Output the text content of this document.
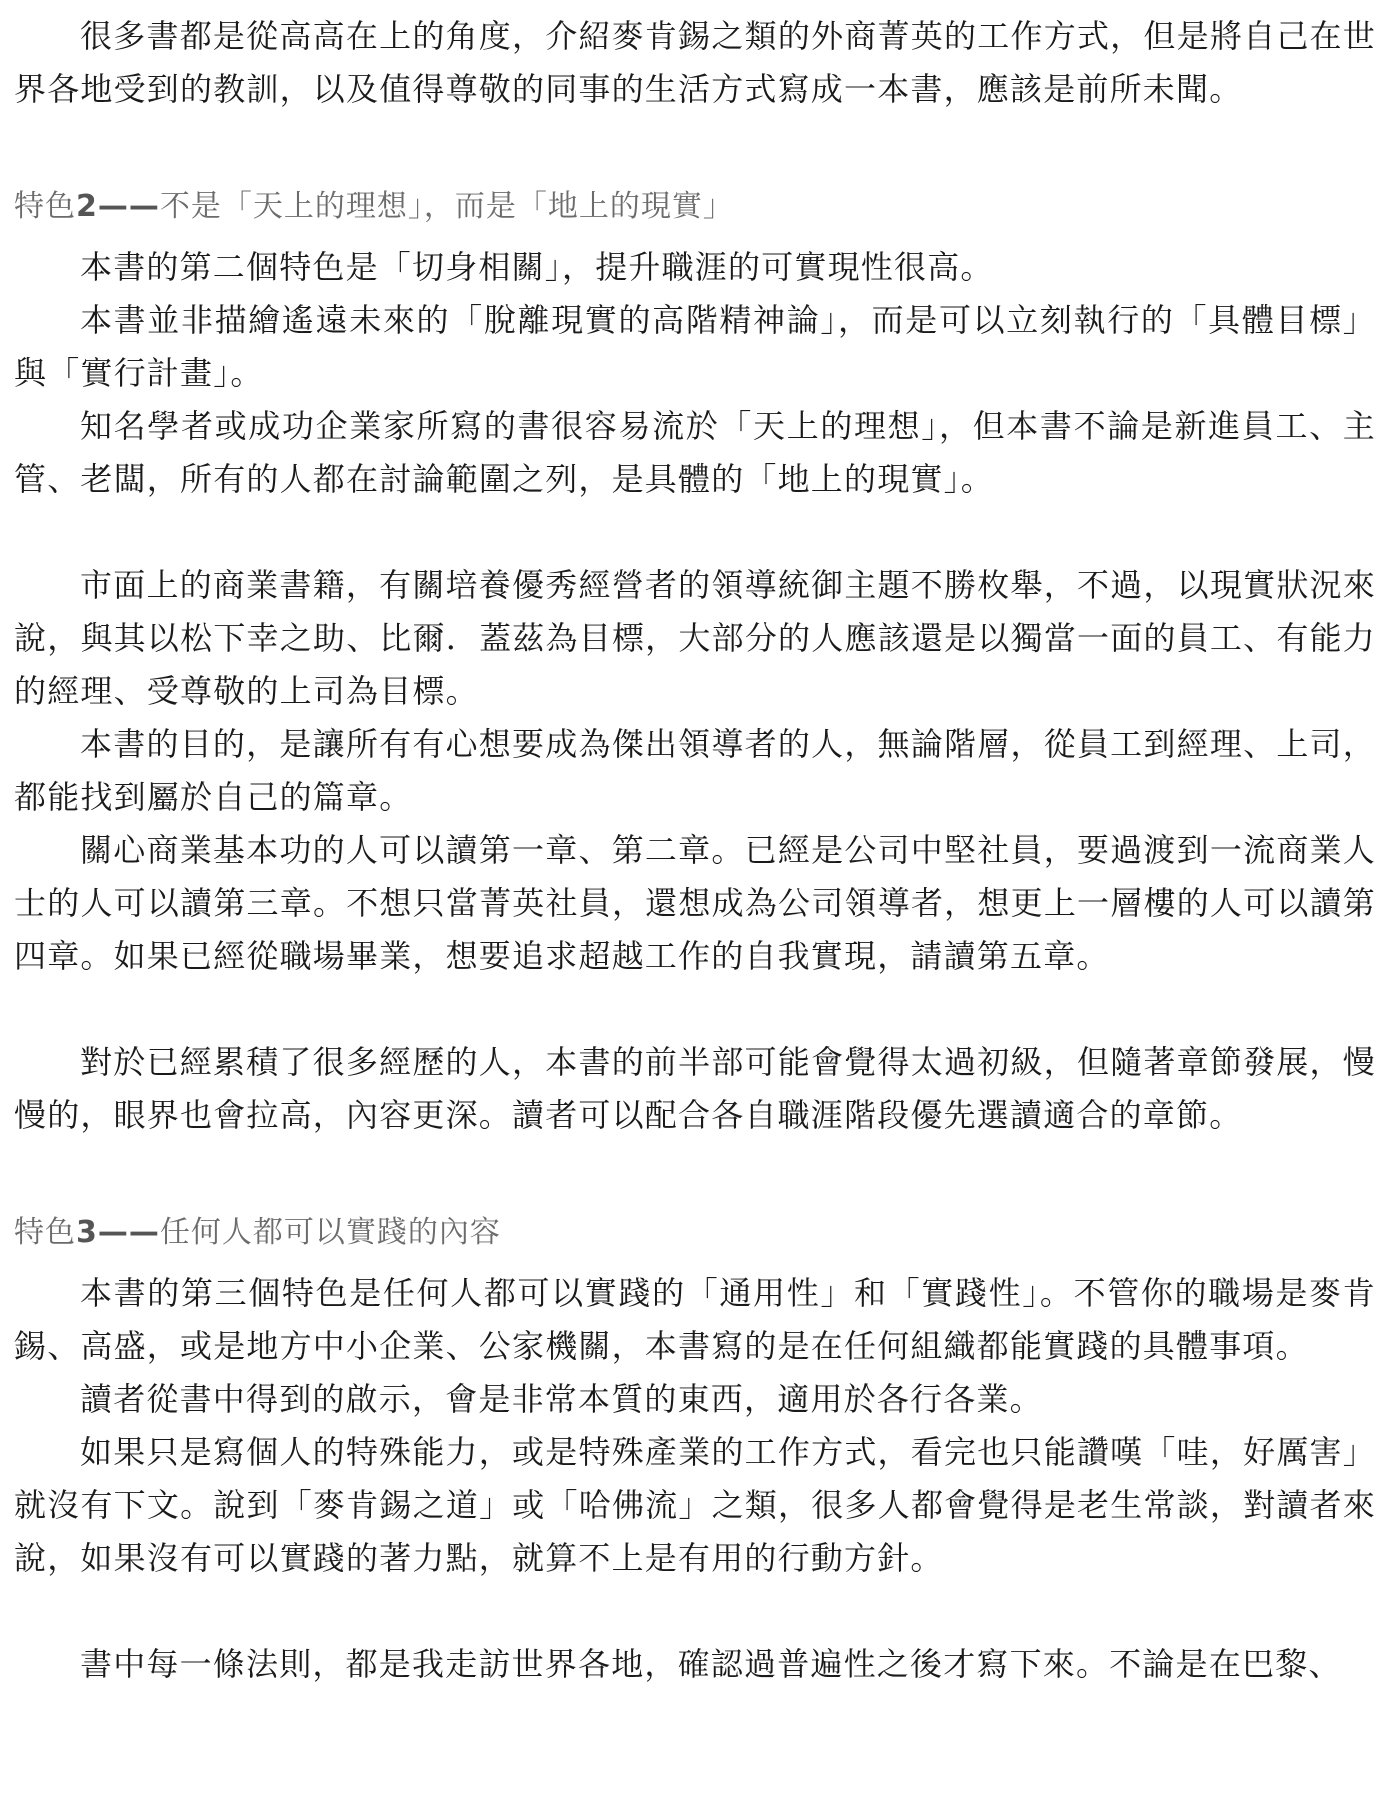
很多書都是從高高在上的角度，介紹麥肯錫之類的外商菁英的工作方式，但是將自己在世界各地受到的教訓，以及值得尊敬的同事的生活方式寫成一本書，應該是前所未聞。

特色2——不是「天上的理想」，而是「地上的現實」

本書的第二個特色是「切身相關」，提升職涯的可實現性很高。

本書並非描繪遙遠未來的「脫離現實的高階精神論」，而是可以立刻執行的「具體目標」與「實行計畫」。

知名學者或成功企業家所寫的書很容易流於「天上的理想」，但本書不論是新進員工、主管、老闆，所有的人都在討論範圍之列，是具體的「地上的現實」。

市面上的商業書籍，有關培養優秀經營者的領導統御主題不勝枚舉，不過，以現實狀況來說，與其以松下幸之助、比爾．蓋茲為目標，大部分的人應該還是以獨當一面的員工、有能力的經理、受尊敬的上司為目標。

本書的目的，是讓所有有心想要成為傑出領導者的人，無論階層，從員工到經理、上司，都能找到屬於自己的篇章。

關心商業基本功的人可以讀第一章、第二章。已經是公司中堅社員，要過渡到一流商業人士的人可以讀第三章。不想只當菁英社員，還想成為公司領導者，想更上一層樓的人可以讀第四章。如果已經從職場畢業，想要追求超越工作的自我實現，請讀第五章。

對於已經累積了很多經歷的人，本書的前半部可能會覺得太過初級，但隨著章節發展，慢慢的，眼界也會拉高，內容更深。讀者可以配合各自職涯階段優先選讀適合的章節。

特色3——任何人都可以實踐的內容

本書的第三個特色是任何人都可以實踐的「通用性」和「實踐性」。不管你的職場是麥肯錫、高盛，或是地方中小企業、公家機關，本書寫的是在任何組織都能實踐的具體事項。

讀者從書中得到的啟示，會是非常本質的東西，適用於各行各業。

如果只是寫個人的特殊能力，或是特殊產業的工作方式，看完也只能讚嘆「哇，好厲害」就沒有下文。說到「麥肯錫之道」或「哈佛流」之類，很多人都會覺得是老生常談，對讀者來說，如果沒有可以實踐的著力點，就算不上是有用的行動方針。

書中每一條法則，都是我走訪世界各地，確認過普遍性之後才寫下來。不論是在巴黎、
